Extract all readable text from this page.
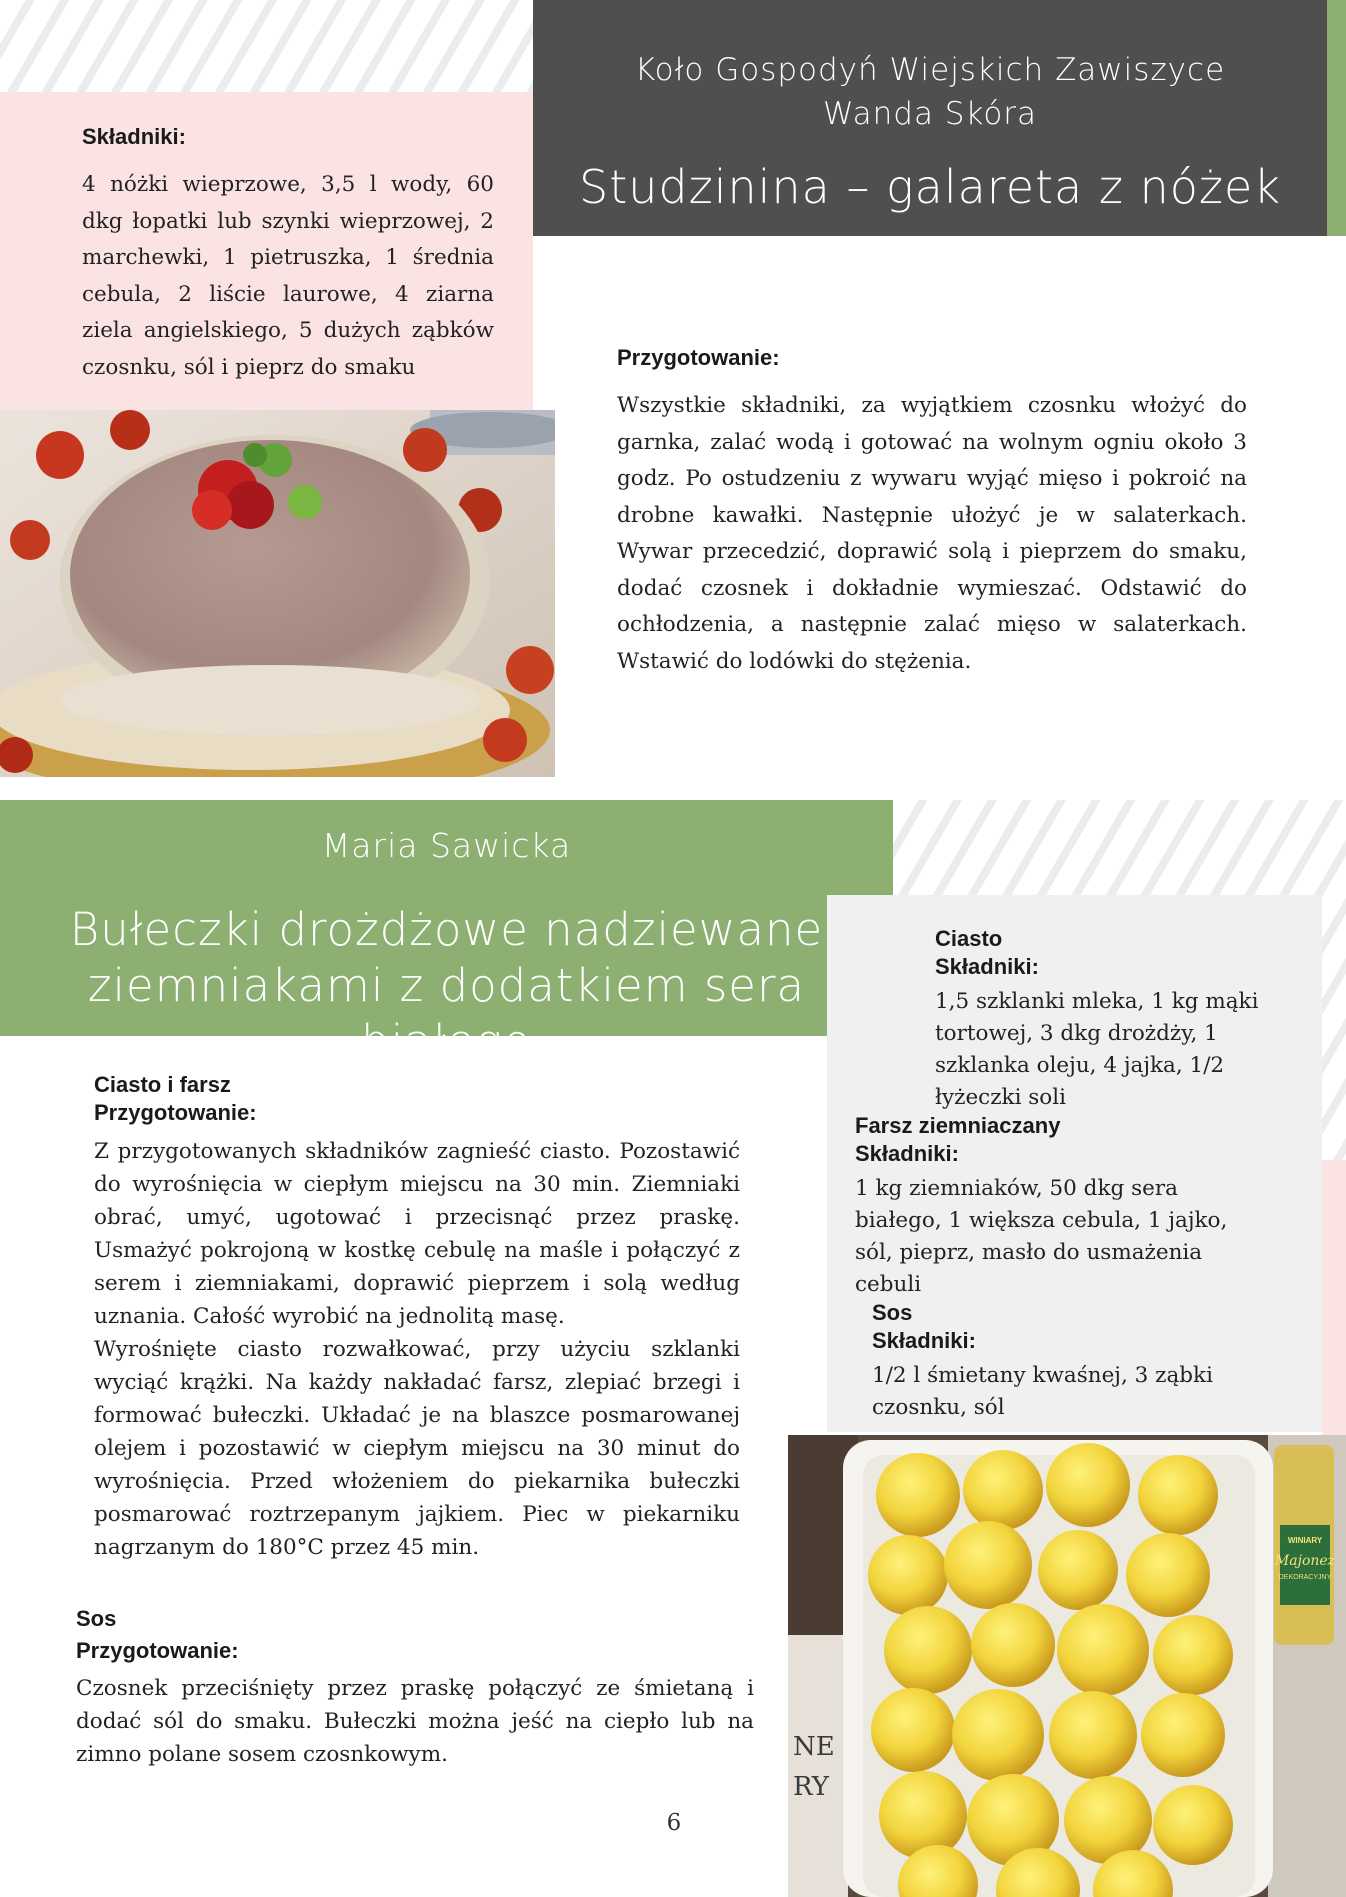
Koło Gospodyń Wiejskich Zawiszyce
Wanda Skóra
Studzinina – galareta z nóżek

Składniki:

4 nóżki wieprzowe, 3,5 l wody, 60 dkg łopatki lub szynki wieprzowej, 2 marchewki, 1 pietruszka, 1 średnia cebula, 2 liście laurowe, 4 ziarna ziela angielskiego, 5 dużych ząbków czosnku, sól i pieprz do smaku	Przygotowanie:

Wszystkie składniki, za wyjątkiem czosnku włożyć do garnka, zalać wodą i gotować na wolnym ogniu około 3 godz. Po ostudzeniu z wywaru wyjąć mięso i pokroić na drobne kawałki. Następnie ułożyć je w salaterkach. Wywar przecedzić, doprawić solą i pieprzem do smaku, dodać czosnek i dokładnie wymieszać. Odstawić do ochłodzenia, a następnie zalać mięso w salaterkach. Wstawić do lodówki do stężenia.

Maria Sawicka
Bułeczki drożdżowe nadziewane
ziemniakami z dodatkiem sera białego

Ciasto

Składniki:

1,5 szklanki mleka, 1 kg mąki tortowej, 3 dkg drożdży, 1 szklanka oleju, 4 jajka, 1/2 łyżeczki soli

Farsz ziemniaczany

Składniki:

1 kg ziemniaków, 50 dkg sera białego, 1 większa cebula, 1 jajko, sól, pieprz, masło do usmażenia cebuli

Sos

Składniki:

1/2 l śmietany kwaśnej, 3 ząbki czosnku, sól

Ciasto i farsz

Przygotowanie:

Z przygotowanych składników zagnieść ciasto. Pozostawić do wyrośnięcia w ciepłym miejscu na 30 min. Ziemniaki obrać, umyć, ugotować i przecisnąć przez praskę. Usmażyć pokrojoną w kostkę cebulę na maśle i połączyć z serem i ziemniakami, doprawić pieprzem i solą według uznania. Całość wyrobić na jednolitą masę.

Wyrośnięte ciasto rozwałkować, przy użyciu szklanki wyciąć krążki. Na każdy nakładać farsz, zlepiać brzegi i formować bułeczki. Układać je na blaszce posmarowanej olejem i pozostawić w ciepłym miejscu na 30 minut do wyrośnięcia. Przed włożeniem do piekarnika bułeczki posmarować roztrzepanym jajkiem. Piec w piekarniku nagrzanym do 180°C przez 45 min.

Sos

Przygotowanie:

Czosnek przeciśnięty przez praskę połączyć ze śmietaną i dodać sól do smaku. Bułeczki można jeść na ciepło lub na zimno polane sosem czosnkowym.	NE
RY
WINIARY
Majonez
DEKORACYJNY
6
